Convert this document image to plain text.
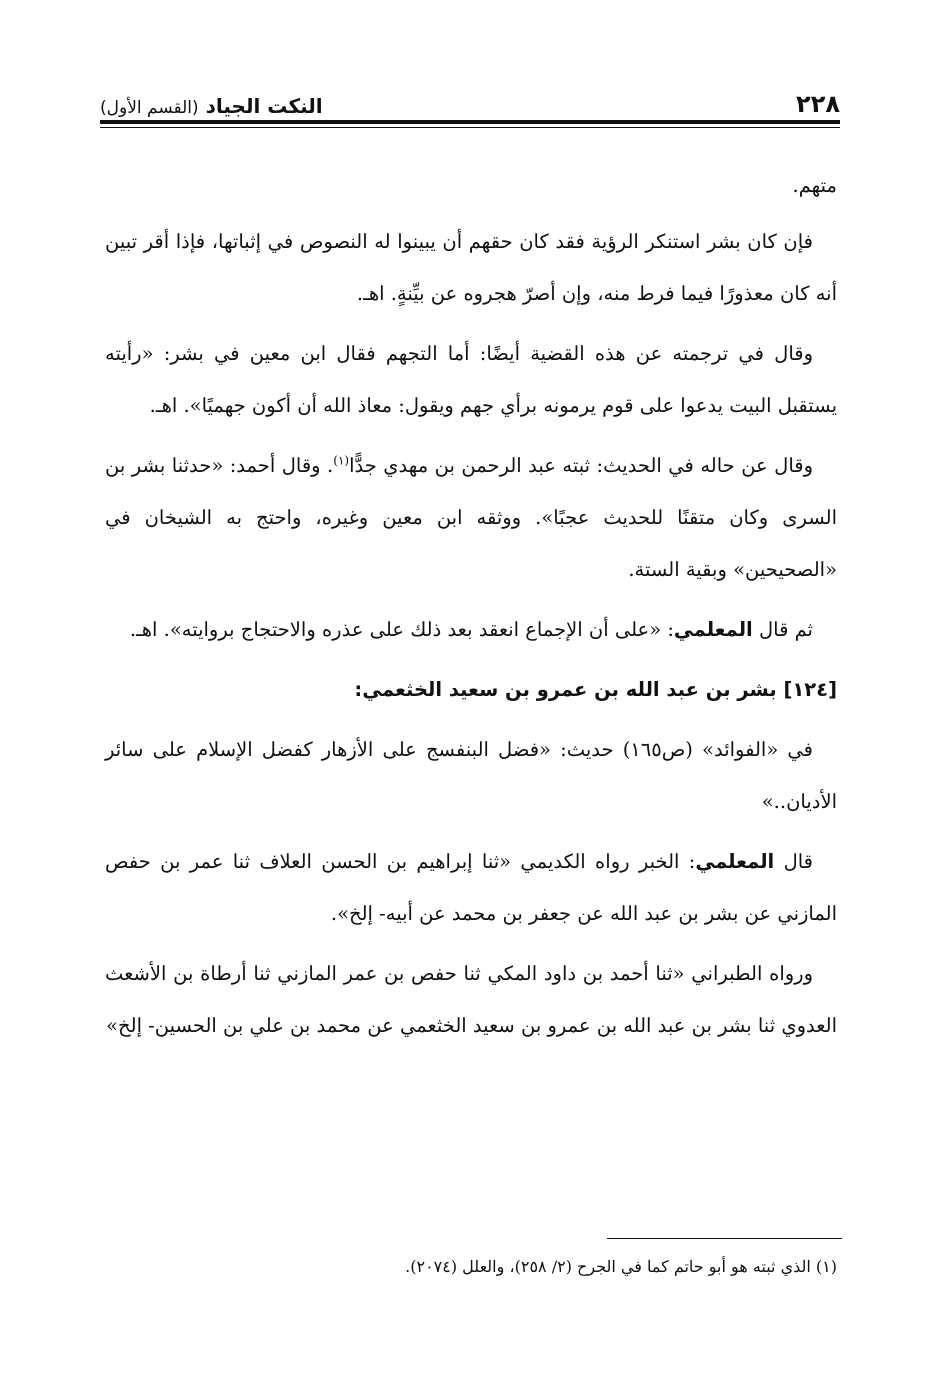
٢٢٨
النكت الجياد (القسم الأول)

متهم.

فإن كان بشر استنكر الرؤية فقد كان حقهم أن يبينوا له النصوص في إثباتها، فإذا أقر تبين أنه كان معذورًا فيما فرط منه، وإن أصرّ هجروه عن بيِّنةٍ. اهـ.

وقال في ترجمته عن هذه القضية أيضًا: أما التجهم فقال ابن معين في بشر: «رأيته يستقبل البيت يدعوا على قوم يرمونه برأي جهم ويقول: معاذ الله أن أكون جهميًا». اهـ.

وقال عن حاله في الحديث: ثبته عبد الرحمن بن مهدي جدًّا$^{(١)}$. وقال أحمد: «حدثنا بشر بن السرى وكان متقنًا للحديث عجبًا». ووثقه ابن معين وغيره، واحتج به الشيخان في «الصحيحين» وبقية الستة.

ثم قال المعلمي: «على أن الإجماع انعقد بعد ذلك على عذره والاحتجاج بروايته». اهـ.

[١٢٤] بشر بن عبد الله بن عمرو بن سعيد الخثعمي:

في «الفوائد» (ص١٦٥) حديث: «فضل البنفسج على الأزهار كفضل الإسلام على سائر الأديان..»

قال المعلمي: الخبر رواه الكديمي «ثنا إبراهيم بن الحسن العلاف ثنا عمر بن حفص المازني عن بشر بن عبد الله عن جعفر بن محمد عن أبيه- إلخ».

ورواه الطبراني «ثنا أحمد بن داود المكي ثنا حفص بن عمر المازني ثنا أرطاة بن الأشعث العدوي ثنا بشر بن عبد الله بن عمرو بن سعيد الخثعمي عن محمد بن علي بن الحسين- إلخ»

(١) الذي ثبته هو أبو حاتم كما في الجرح (٢/ ٢٥٨)، والعلل (٢٠٧٤).
